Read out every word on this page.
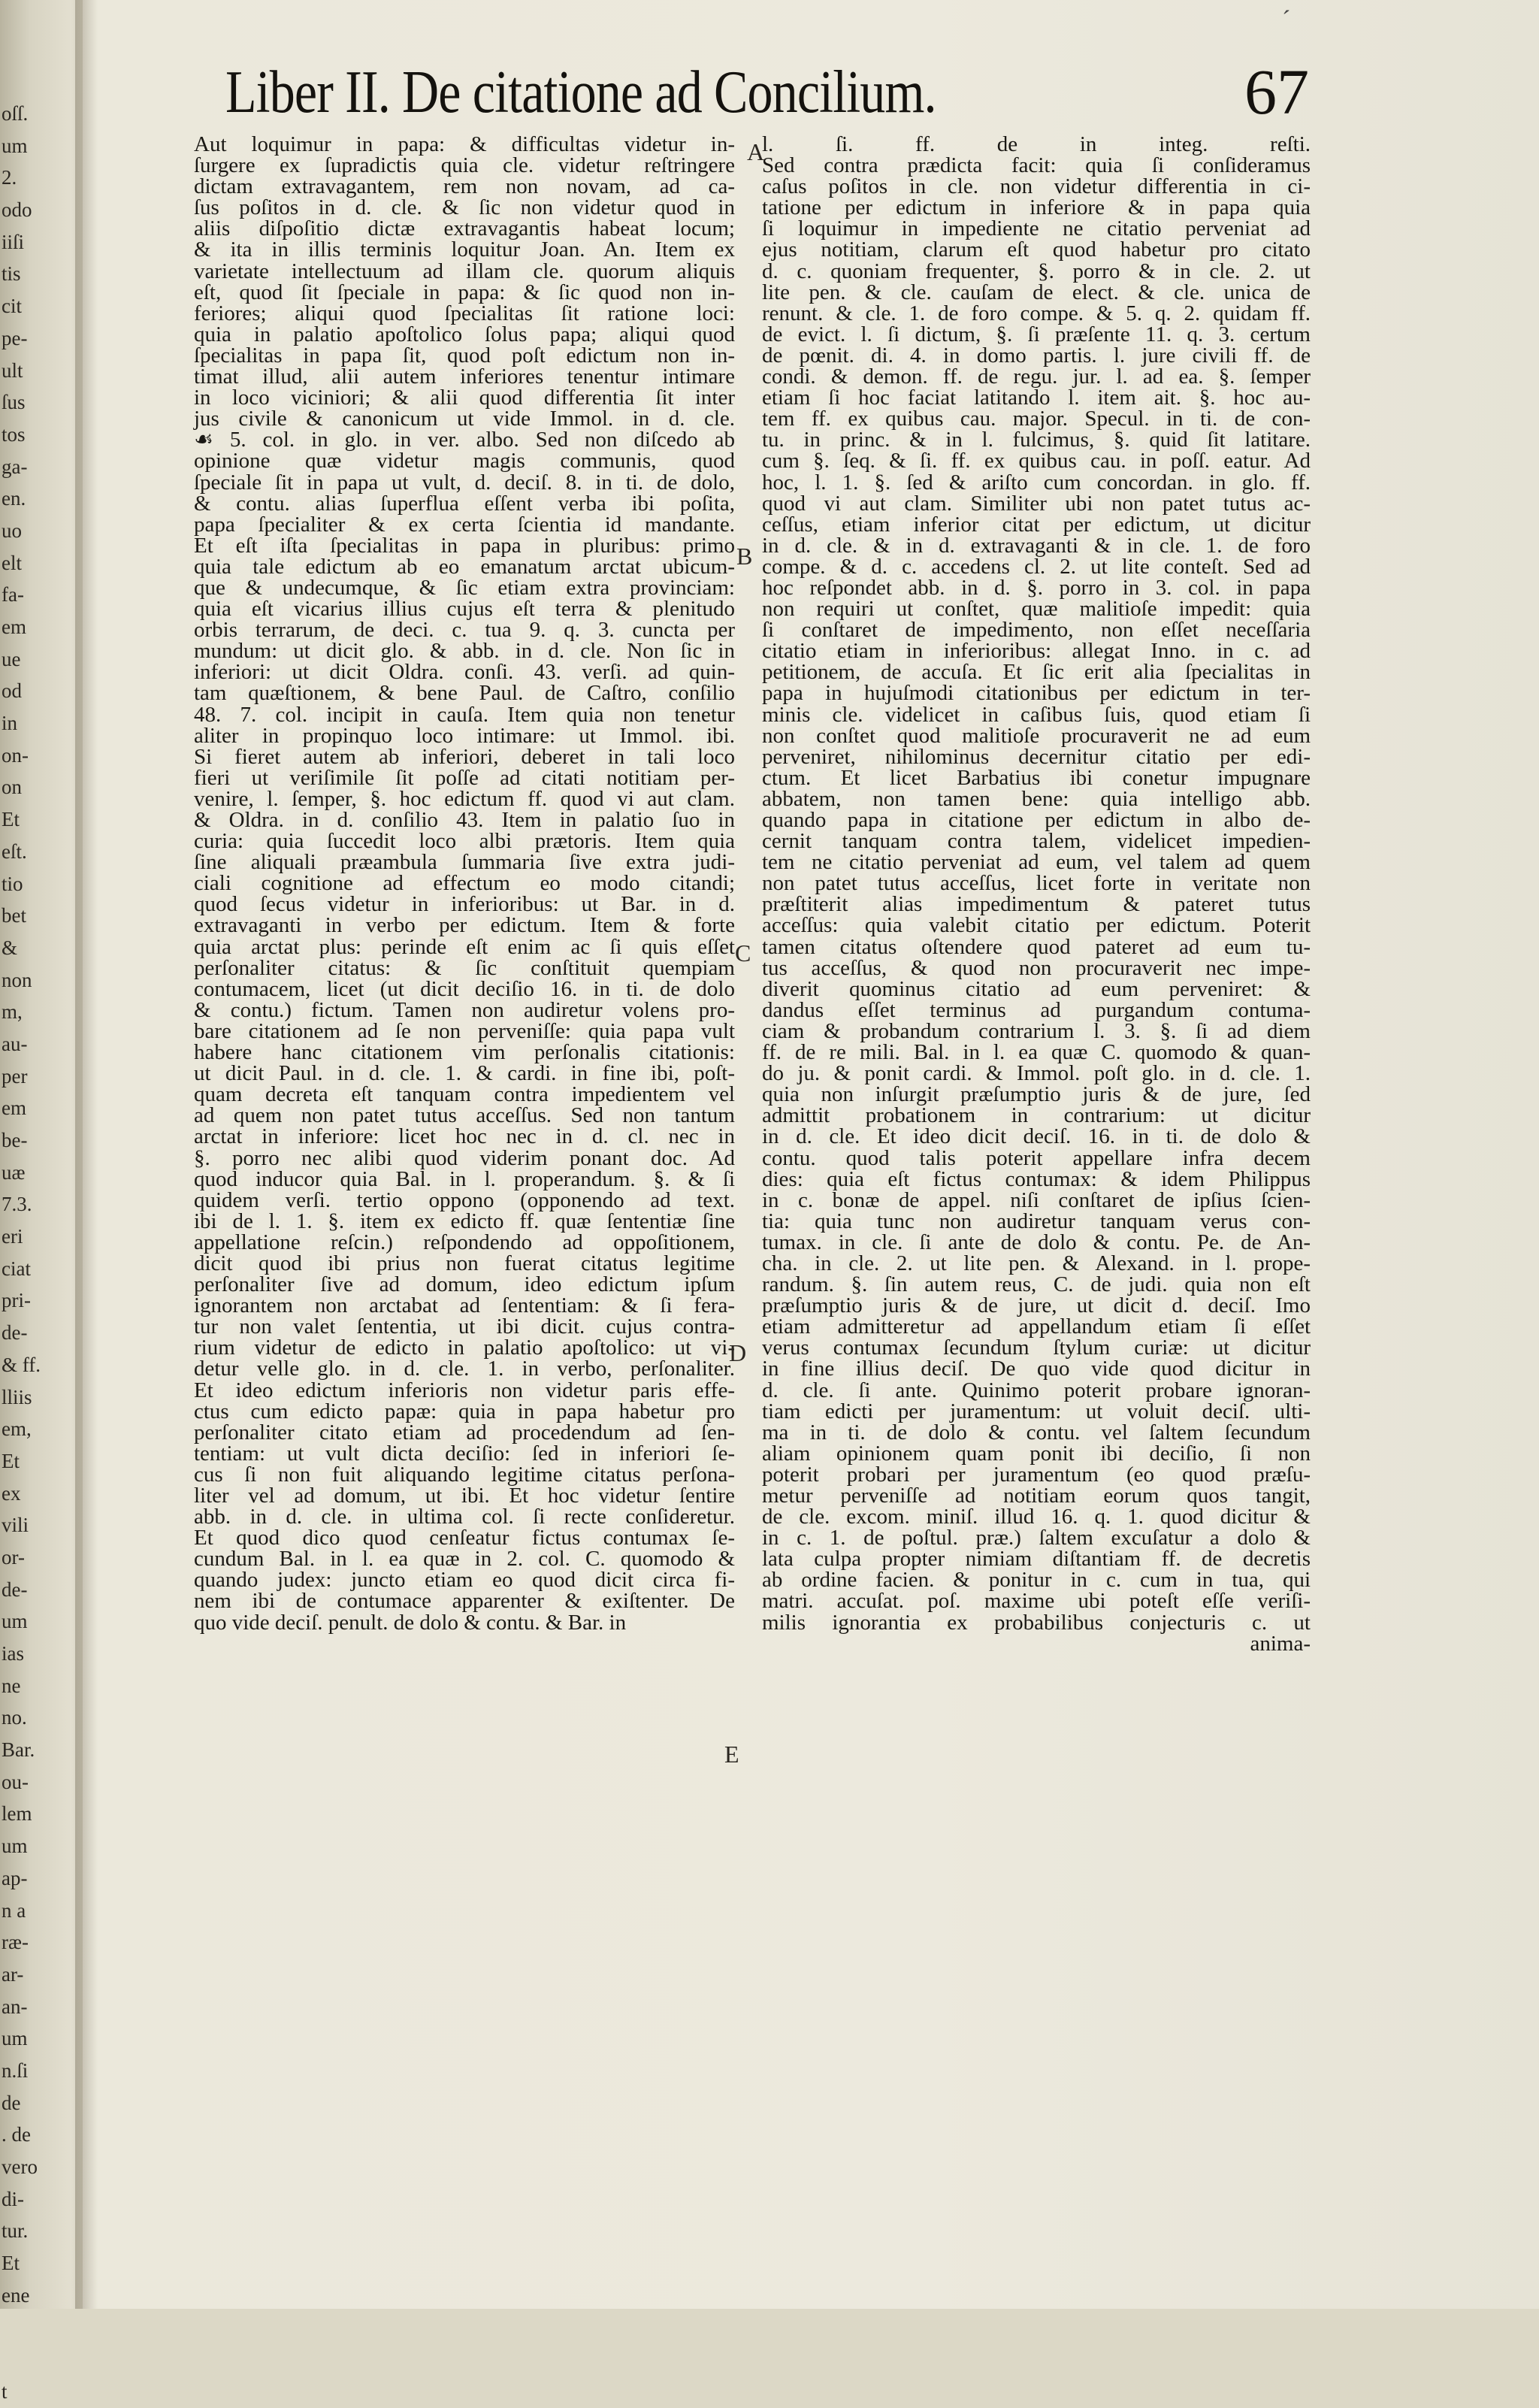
oſſ.
um
2.
odo
iiſi
tis
cit
pe-
ult
ſus
tos
ga-
en.
uo
elt
fa-
em
ue
od
in
on-
on
Et
eſt.
tio
bet
&
non
m,
au-
per
em
be-
uæ
7.3.
eri
ciat
pri-
de-
& ff.
lliis
em,
Et
ex
vili
or-
de-
um
ias
ne
no.
Bar.
ou-
lem
um
ap-
n a
ræ-
ar-
an-
um
n.ſi
de
. de
vero
di-
tur.
Et
ene
t
ˊ
Liber II. De citatione ad Concilium.	67
Aut loquimur in papa: & difficultas videtur in-
ſurgere ex ſupradictis quia cle. videtur reſtringere
dictam extravagantem, rem non novam, ad ca-
ſus poſitos in d. cle. & ſic non videtur quod in
aliis diſpoſitio dictæ extravagantis habeat locum;
& ita in illis terminis loquitur Joan. An. Item ex
varietate intellectuum ad illam cle. quorum aliquis
eſt, quod ſit ſpeciale in papa: & ſic quod non in-
feriores; aliqui quod ſpecialitas ſit ratione loci:
quia in palatio apoſtolico ſolus papa; aliqui quod
ſpecialitas in papa ſit, quod poſt edictum non in-
timat illud, alii autem inferiores tenentur intimare
in loco viciniori; & alii quod differentia ſit inter
jus civile & canonicum ut vide Immol. in d. cle.
☙ 5. col. in glo. in ver. albo. Sed non diſcedo ab
opinione quæ videtur magis communis, quod
ſpeciale ſit in papa ut vult, d. deciſ. 8. in ti. de dolo,
& contu. alias ſuperflua eſſent verba ibi poſita,
papa ſpecialiter & ex certa ſcientia id mandante.
Et eſt iſta ſpecialitas in papa in pluribus: primo
quia tale edictum ab eo emanatum arctat ubicum-
que & undecumque, & ſic etiam extra provinciam:
quia eſt vicarius illius cujus eſt terra & plenitudo
orbis terrarum, de deci. c. tua 9. q. 3. cuncta per
mundum: ut dicit glo. & abb. in d. cle. Non ſic in
inferiori: ut dicit Oldra. conſi. 43. verſi. ad quin-
tam quæſtionem, & bene Paul. de Caſtro, conſilio
48. 7. col. incipit in cauſa. Item quia non tenetur
aliter in propinquo loco intimare: ut Immol. ibi.
Si fieret autem ab inferiori, deberet in tali loco
fieri ut veriſimile ſit poſſe ad citati notitiam per-
venire, l. ſemper, §. hoc edictum ff. quod vi aut clam.
& Oldra. in d. conſilio 43. Item in palatio ſuo in
curia: quia ſuccedit loco albi prætoris. Item quia
ſine aliquali præambula ſummaria ſive extra judi-
ciali cognitione ad effectum eo modo citandi;
quod ſecus videtur in inferioribus: ut Bar. in d.
extravaganti in verbo per edictum. Item & forte
quia arctat plus: perinde eſt enim ac ſi quis eſſet
perſonaliter citatus: & ſic conſtituit quempiam
contumacem, licet (ut dicit deciſio 16. in ti. de dolo
& contu.) fictum. Tamen non audiretur volens pro-
bare citationem ad ſe non perveniſſe: quia papa vult
habere hanc citationem vim perſonalis citationis:
ut dicit Paul. in d. cle. 1. & cardi. in fine ibi, poſt-
quam decreta eſt tanquam contra impedientem vel
ad quem non patet tutus acceſſus. Sed non tantum
arctat in inferiore: licet hoc nec in d. cl. nec in
§. porro nec alibi quod viderim ponant doc. Ad
quod inducor quia Bal. in l. properandum. §. & ſi
quidem verſi. tertio oppono (opponendo ad text.
ibi de l. 1. §. item ex edicto ff. quæ ſententiæ ſine
appellatione reſcin.) reſpondendo ad oppoſitionem,
dicit quod ibi prius non fuerat citatus legitime
perſonaliter ſive ad domum, ideo edictum ipſum
ignorantem non arctabat ad ſententiam: & ſi fera-
tur non valet ſententia, ut ibi dicit. cujus contra-
rium videtur de edicto in palatio apoſtolico: ut vi-
detur velle glo. in d. cle. 1. in verbo, perſonaliter.
Et ideo edictum inferioris non videtur paris effe-
ctus cum edicto papæ: quia in papa habetur pro
perſonaliter citato etiam ad procedendum ad ſen-
tentiam: ut vult dicta deciſio: ſed in inferiori ſe-
cus ſi non fuit aliquando legitime citatus perſona-
liter vel ad domum, ut ibi. Et hoc videtur ſentire
abb. in d. cle. in ultima col. ſi recte conſideretur.
Et quod dico quod cenſeatur fictus contumax ſe-
cundum Bal. in l. ea quæ in 2. col. C. quomodo &
quando judex: juncto etiam eo quod dicit circa fi-
nem ibi de contumace apparenter & exiſtenter. De
quo vide deciſ. penult. de dolo & contu. & Bar. in
l. ſi. ff. de in integ. reſti.
Sed contra prædicta facit: quia ſi conſideramus
caſus poſitos in cle. non videtur differentia in ci-
tatione per edictum in inferiore & in papa quia
ſi loquimur in impediente ne citatio perveniat ad
ejus notitiam, clarum eſt quod habetur pro citato
d. c. quoniam frequenter, §. porro & in cle. 2. ut
lite pen. & cle. cauſam de elect. & cle. unica de
renunt. & cle. 1. de foro compe. & 5. q. 2. quidam ff.
de evict. l. ſi dictum, §. ſi præſente 11. q. 3. certum
de pœnit. di. 4. in domo partis. l. jure civili ff. de
condi. & demon. ff. de regu. jur. l. ad ea. §. ſemper
etiam ſi hoc faciat latitando l. item ait. §. hoc au-
tem ff. ex quibus cau. major. Specul. in ti. de con-
tu. in princ. & in l. fulcimus, §. quid ſit latitare.
cum §. ſeq. & ſi. ff. ex quibus cau. in poſſ. eatur. Ad
hoc, l. 1. §. ſed & ariſto cum concordan. in glo. ff.
quod vi aut clam. Similiter ubi non patet tutus ac-
ceſſus, etiam inferior citat per edictum, ut dicitur
in d. cle. & in d. extravaganti & in cle. 1. de foro
compe. & d. c. accedens cl. 2. ut lite conteſt. Sed ad
hoc reſpondet abb. in d. §. porro in 3. col. in papa
non requiri ut conſtet, quæ malitioſe impedit: quia
ſi conſtaret de impedimento, non eſſet neceſſaria
citatio etiam in inferioribus: allegat Inno. in c. ad
petitionem, de accuſa. Et ſic erit alia ſpecialitas in
papa in hujuſmodi citationibus per edictum in ter-
minis cle. videlicet in caſibus ſuis, quod etiam ſi
non conſtet quod malitioſe procuraverit ne ad eum
perveniret, nihilominus decernitur citatio per edi-
ctum. Et licet Barbatius ibi conetur impugnare
abbatem, non tamen bene: quia intelligo abb.
quando papa in citatione per edictum in albo de-
cernit tanquam contra talem, videlicet impedien-
tem ne citatio perveniat ad eum, vel talem ad quem
non patet tutus acceſſus, licet forte in veritate non
præſtiterit alias impedimentum & pateret tutus
acceſſus: quia valebit citatio per edictum. Poterit
tamen citatus oſtendere quod pateret ad eum tu-
tus acceſſus, & quod non procuraverit nec impe-
diverit quominus citatio ad eum perveniret: &
dandus eſſet terminus ad purgandum contuma-
ciam & probandum contrarium l. 3. §. ſi ad diem
ff. de re mili. Bal. in l. ea quæ C. quomodo & quan-
do ju. & ponit cardi. & Immol. poſt glo. in d. cle. 1.
quia non inſurgit præſumptio juris & de jure, ſed
admittit probationem in contrarium: ut dicitur
in d. cle. Et ideo dicit deciſ. 16. in ti. de dolo &
contu. quod talis poterit appellare infra decem
dies: quia eſt fictus contumax: & idem Philippus
in c. bonæ de appel. niſi conſtaret de ipſius ſcien-
tia: quia tunc non audiretur tanquam verus con-
tumax. in cle. ſi ante de dolo & contu. Pe. de An-
cha. in cle. 2. ut lite pen. & Alexand. in l. prope-
randum. §. ſin autem reus, C. de judi. quia non eſt
præſumptio juris & de jure, ut dicit d. deciſ. Imo
etiam admitteretur ad appellandum etiam ſi eſſet
verus contumax ſecundum ſtylum curiæ: ut dicitur
in fine illius deciſ. De quo vide quod dicitur in
d. cle. ſi ante. Quinimo poterit probare ignoran-
tiam edicti per juramentum: ut voluit deciſ. ulti-
ma in ti. de dolo & contu. vel ſaltem ſecundum
aliam opinionem quam ponit ibi deciſio, ſi non
poterit probari per juramentum (eo quod præſu-
metur perveniſſe ad notitiam eorum quos tangit,
de cle. excom. miniſ. illud 16. q. 1. quod dicitur &
in c. 1. de poſtul. præ.) ſaltem excuſatur a dolo &
lata culpa propter nimiam diſtantiam ff. de decretis
ab ordine facien. & ponitur in c. cum in tua, qui
matri. accuſat. poſ. maxime ubi poteſt eſſe veriſi-
milis ignorantia ex probabilibus conjecturis c. ut
anima-
A
B
C
D
E
